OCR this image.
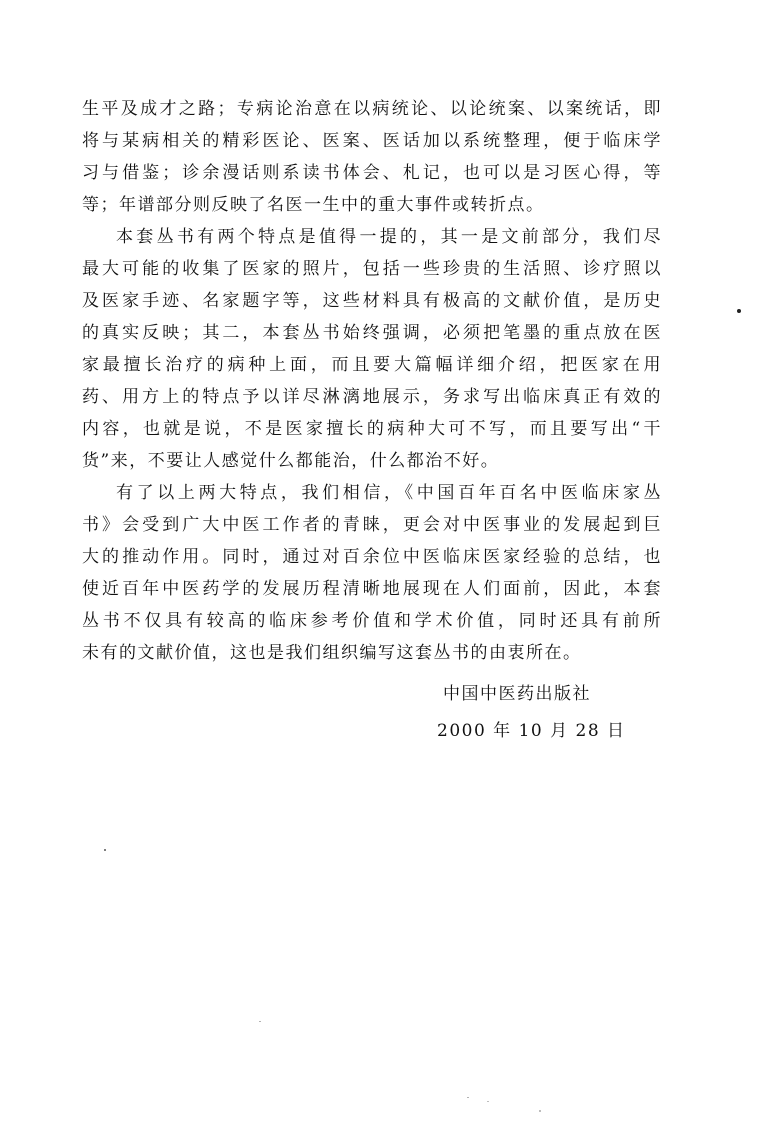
生平及成才之路；专病论治意在以病统论、以论统案、以案统话，即
将与某病相关的精彩医论、医案、医话加以系统整理，便于临床学
习与借鉴；诊余漫话则系读书体会、札记，也可以是习医心得，等
等；年谱部分则反映了名医一生中的重大事件或转折点。
本套丛书有两个特点是值得一提的，其一是文前部分，我们尽
最大可能的收集了医家的照片，包括一些珍贵的生活照、诊疗照以
及医家手迹、名家题字等，这些材料具有极高的文献价值，是历史
的真实反映；其二，本套丛书始终强调，必须把笔墨的重点放在医
家最擅长治疗的病种上面，而且要大篇幅详细介绍，把医家在用
药、用方上的特点予以详尽淋漓地展示，务求写出临床真正有效的
内容，也就是说，不是医家擅长的病种大可不写，而且要写出“干
货”来，不要让人感觉什么都能治，什么都治不好。
有了以上两大特点，我们相信，《中国百年百名中医临床家丛
书》会受到广大中医工作者的青睐，更会对中医事业的发展起到巨
大的推动作用。同时，通过对百余位中医临床医家经验的总结，也
使近百年中医药学的发展历程清晰地展现在人们面前，因此，本套
丛书不仅具有较高的临床参考价值和学术价值，同时还具有前所
未有的文献价值，这也是我们组织编写这套丛书的由衷所在。
中国中医药出版社
2000 年 10 月 28 日
